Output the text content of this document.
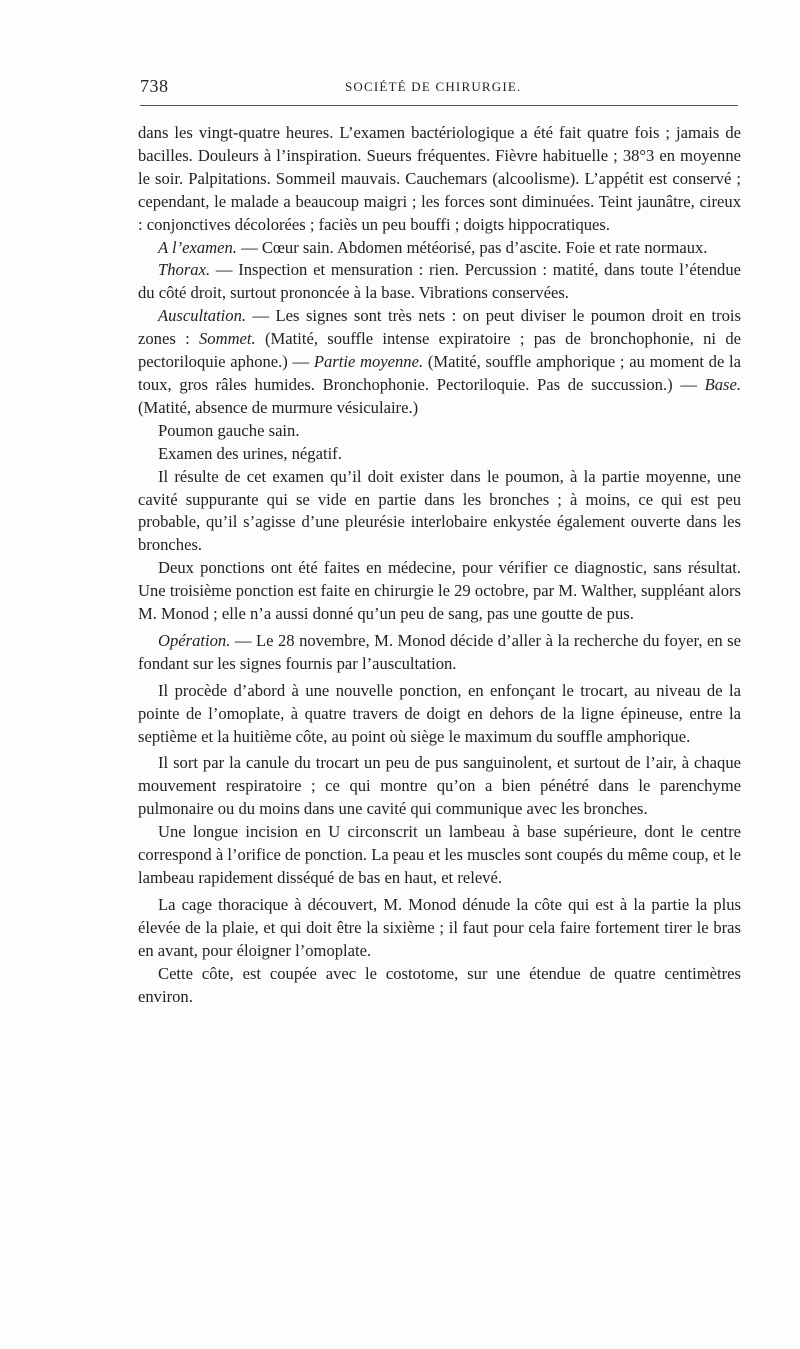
738	SOCIÉTÉ DE CHIRURGIE.

dans les vingt-quatre heures. L’examen bactériologique a été fait quatre fois ; jamais de bacilles. Douleurs à l’inspiration. Sueurs fréquentes. Fièvre habituelle ; 38°3 en moyenne le soir. Palpitations. Sommeil mauvais. Cauchemars (alcoolisme). L’appétit est conservé ; cependant, le malade a beaucoup maigri ; les forces sont diminuées. Teint jaunâtre, cireux : conjonctives décolorées ; faciès un peu bouffi ; doigts hippocratiques.

A l’examen. — Cœur sain. Abdomen météorisé, pas d’ascite. Foie et rate normaux.

Thorax. — Inspection et mensuration : rien. Percussion : matité, dans toute l’étendue du côté droit, surtout prononcée à la base. Vibrations conservées.

Auscultation. — Les signes sont très nets : on peut diviser le poumon droit en trois zones : Sommet. (Matité, souffle intense expiratoire ; pas de bronchophonie, ni de pectoriloquie aphone.) — Partie moyenne. (Matité, souffle amphorique ; au moment de la toux, gros râles humides. Bronchophonie. Pectoriloquie. Pas de succussion.) — Base. (Matité, absence de murmure vésiculaire.)

Poumon gauche sain.

Examen des urines, négatif.

Il résulte de cet examen qu’il doit exister dans le poumon, à la partie moyenne, une cavité suppurante qui se vide en partie dans les bronches ; à moins, ce qui est peu probable, qu’il s’agisse d’une pleurésie interlobaire enkystée également ouverte dans les bronches.

Deux ponctions ont été faites en médecine, pour vérifier ce diagnostic, sans résultat. Une troisième ponction est faite en chirurgie le 29 octobre, par M. Walther, suppléant alors M. Monod ; elle n’a aussi donné qu’un peu de sang, pas une goutte de pus.

Opération. — Le 28 novembre, M. Monod décide d’aller à la recherche du foyer, en se fondant sur les signes fournis par l’auscultation.

Il procède d’abord à une nouvelle ponction, en enfonçant le trocart, au niveau de la pointe de l’omoplate, à quatre travers de doigt en dehors de la ligne épineuse, entre la septième et la huitième côte, au point où siège le maximum du souffle amphorique.

Il sort par la canule du trocart un peu de pus sanguinolent, et surtout de l’air, à chaque mouvement respiratoire ; ce qui montre qu’on a bien pénétré dans le parenchyme pulmonaire ou du moins dans une cavité qui communique avec les bronches.

Une longue incision en U circonscrit un lambeau à base supérieure, dont le centre correspond à l’orifice de ponction. La peau et les muscles sont coupés du même coup, et le lambeau rapidement disséqué de bas en haut, et relevé.

La cage thoracique à découvert, M. Monod dénude la côte qui est à la partie la plus élevée de la plaie, et qui doit être la sixième ; il faut pour cela faire fortement tirer le bras en avant, pour éloigner l’omoplate.

Cette côte, est coupée avec le costotome, sur une étendue de quatre centimètres environ.
